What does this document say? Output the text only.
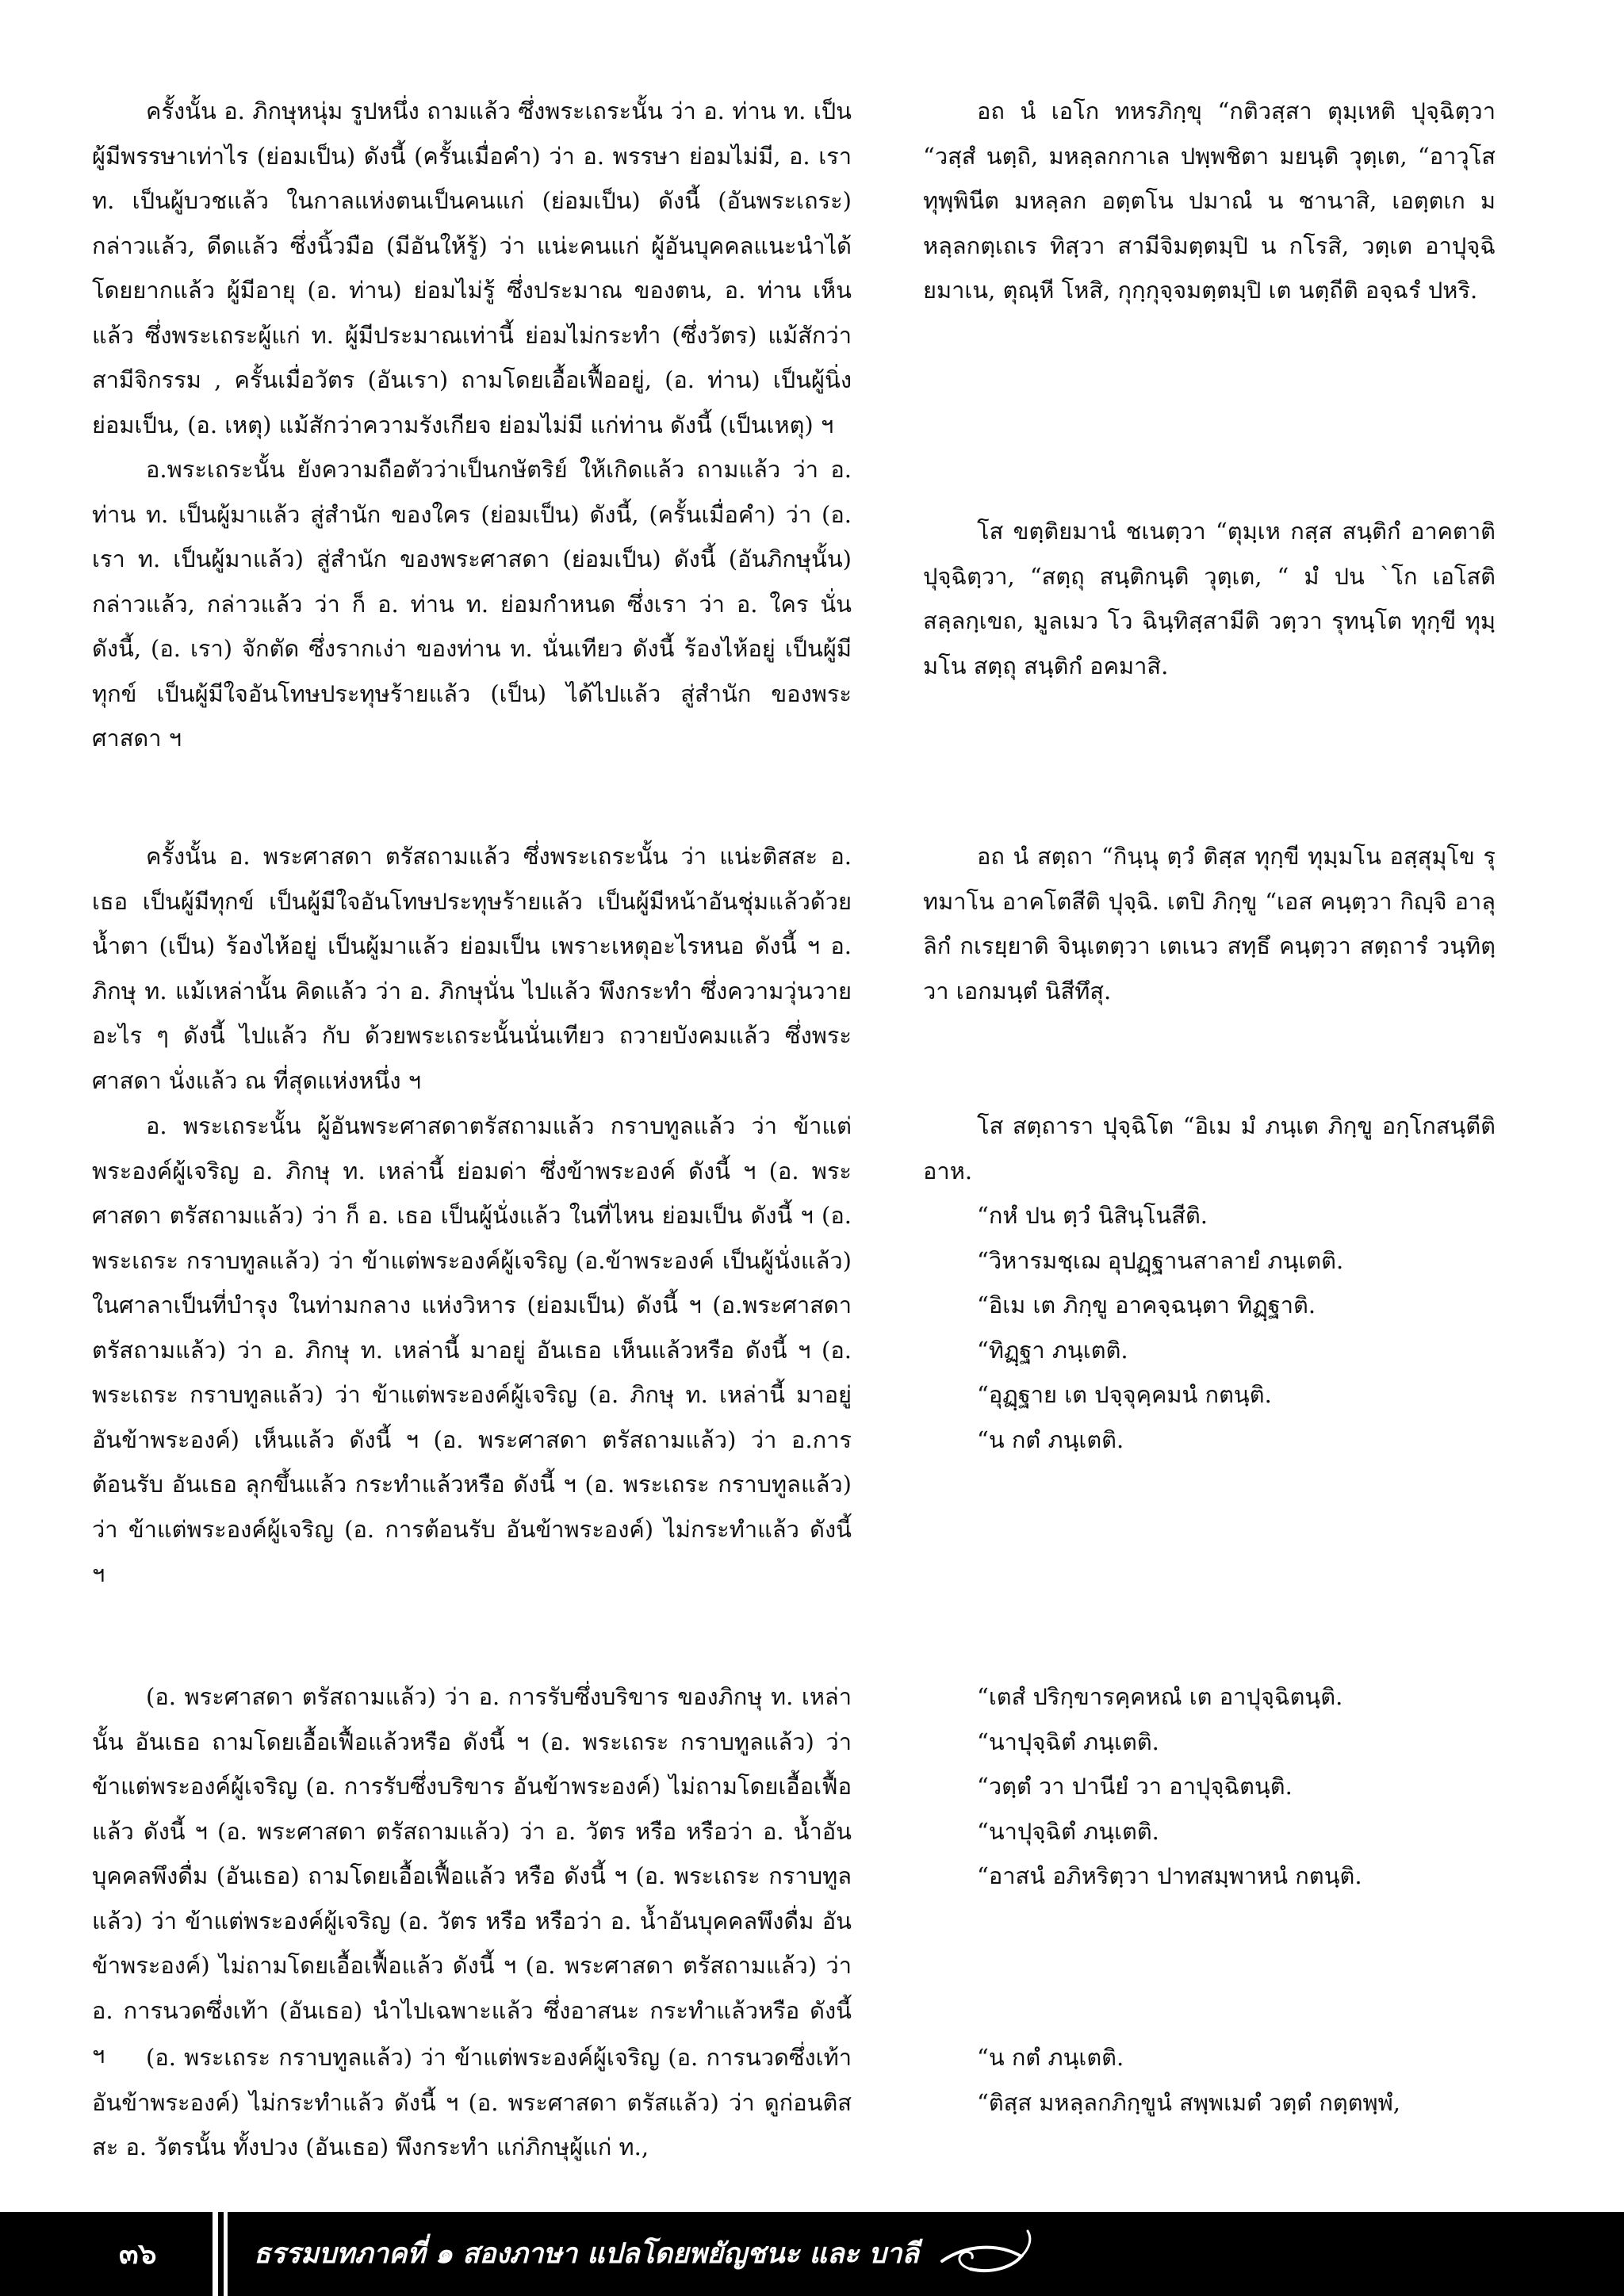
ครั้งนั้น อ. ภิกษุหนุ่ม รูปหนึ่ง ถามแล้ว ซึ่งพระเถระนั้น ว่า อ. ท่าน ท. เป็นผู้มีพรรษาเท่าไร (ย่อมเป็น) ดังนี้ (ครั้นเมื่อคำ) ว่า อ. พรรษา ย่อมไม่มี, อ. เรา ท. เป็นผู้บวชแล้ว ในกาลแห่งตนเป็นคนแก่ (ย่อมเป็น) ดังนี้ (อันพระเถระ) กล่าวแล้ว, ดีดแล้ว ซึ่งนิ้วมือ (มีอันให้รู้) ว่า แน่ะคนแก่ ผู้อันบุคคลแนะนำได้โดยยากแล้ว ผู้มีอายุ (อ. ท่าน) ย่อมไม่รู้ ซึ่งประมาณ ของตน, อ. ท่าน เห็นแล้ว ซึ่งพระเถระผู้แก่ ท. ผู้มีประมาณเท่านี้ ย่อมไม่กระทำ (ซึ่งวัตร) แม้สักว่าสามีจิกรรม , ครั้นเมื่อวัตร (อันเรา) ถามโดยเอื้อเฟื้ออยู่, (อ. ท่าน) เป็นผู้นิ่ง ย่อมเป็น, (อ. เหตุ) แม้สักว่าความรังเกียจ ย่อมไม่มี แก่ท่าน ดังนี้ (เป็นเหตุ) ฯ

อ.พระเถระนั้น ยังความถือตัวว่าเป็นกษัตริย์ ให้เกิดแล้ว ถามแล้ว ว่า อ. ท่าน ท. เป็นผู้มาแล้ว สู่สำนัก ของใคร (ย่อมเป็น) ดังนี้, (ครั้นเมื่อคำ) ว่า (อ. เรา ท. เป็นผู้มาแล้ว) สู่สำนัก ของพระศาสดา (ย่อมเป็น) ดังนี้ (อันภิกษุนั้น) กล่าวแล้ว, กล่าวแล้ว ว่า ก็ อ. ท่าน ท. ย่อมกำหนด ซึ่งเรา ว่า อ. ใคร นั่น ดังนี้, (อ. เรา) จักตัด ซึ่งรากเง่า ของท่าน ท. นั่นเทียว ดังนี้ ร้องไห้อยู่ เป็นผู้มีทุกข์ เป็นผู้มีใจอันโทษประทุษร้ายแล้ว (เป็น) ได้ไปแล้ว สู่สำนัก ของพระศาสดา ฯ

ครั้งนั้น อ. พระศาสดา ตรัสถามแล้ว ซึ่งพระเถระนั้น ว่า แน่ะติสสะ อ. เธอ เป็นผู้มีทุกข์ เป็นผู้มีใจอันโทษประทุษร้ายแล้ว เป็นผู้มีหน้าอันชุ่มแล้วด้วยน้ำตา (เป็น) ร้องไห้อยู่ เป็นผู้มาแล้ว ย่อมเป็น เพราะเหตุอะไรหนอ ดังนี้ ฯ อ. ภิกษุ ท. แม้เหล่านั้น คิดแล้ว ว่า อ. ภิกษุนั่น ไปแล้ว พึงกระทำ ซึ่งความวุ่นวาย อะไร ๆ ดังนี้ ไปแล้ว กับ ด้วยพระเถระนั้นนั่นเทียว ถวายบังคมแล้ว ซึ่งพระศาสดา นั่งแล้ว ณ ที่สุดแห่งหนึ่ง ฯ

อ. พระเถระนั้น ผู้อันพระศาสดาตรัสถามแล้ว กราบทูลแล้ว ว่า ข้าแต่พระองค์ผู้เจริญ อ. ภิกษุ ท. เหล่านี้ ย่อมด่า ซึ่งข้าพระองค์ ดังนี้ ฯ (อ. พระศาสดา ตรัสถามแล้ว) ว่า ก็ อ. เธอ เป็นผู้นั่งแล้ว ในที่ไหน ย่อมเป็น ดังนี้ ฯ (อ. พระเถระ กราบทูลแล้ว) ว่า ข้าแต่พระองค์ผู้เจริญ (อ.ข้าพระองค์ เป็นผู้นั่งแล้ว) ในศาลาเป็นที่บำรุง ในท่ามกลาง แห่งวิหาร (ย่อมเป็น) ดังนี้ ฯ (อ.พระศาสดา ตรัสถามแล้ว) ว่า อ. ภิกษุ ท. เหล่านี้ มาอยู่ อันเธอ เห็นแล้วหรือ ดังนี้ ฯ (อ. พระเถระ กราบทูลแล้ว) ว่า ข้าแต่พระองค์ผู้เจริญ (อ. ภิกษุ ท. เหล่านี้ มาอยู่ อันข้าพระองค์) เห็นแล้ว ดังนี้ ฯ (อ. พระศาสดา ตรัสถามแล้ว) ว่า อ.การต้อนรับ อันเธอ ลุกขึ้นแล้ว กระทำแล้วหรือ ดังนี้ ฯ (อ. พระเถระ กราบทูลแล้ว) ว่า ข้าแต่พระองค์ผู้เจริญ (อ. การต้อนรับ อันข้าพระองค์) ไม่กระทำแล้ว ดังนี้ ฯ

(อ. พระศาสดา ตรัสถามแล้ว) ว่า อ. การรับซึ่งบริขาร ของภิกษุ ท. เหล่านั้น อันเธอ ถามโดยเอื้อเฟื้อแล้วหรือ ดังนี้ ฯ (อ. พระเถระ กราบทูลแล้ว) ว่า ข้าแต่พระองค์ผู้เจริญ (อ. การรับซึ่งบริขาร อันข้าพระองค์) ไม่ถามโดยเอื้อเฟื้อแล้ว ดังนี้ ฯ (อ. พระศาสดา ตรัสถามแล้ว) ว่า อ. วัตร หรือ หรือว่า อ. น้ำอันบุคคลพึงดื่ม (อันเธอ) ถามโดยเอื้อเฟื้อแล้ว หรือ ดังนี้ ฯ (อ. พระเถระ กราบทูลแล้ว) ว่า ข้าแต่พระองค์ผู้เจริญ (อ. วัตร หรือ หรือว่า อ. น้ำอันบุคคลพึงดื่ม อันข้าพระองค์) ไม่ถามโดยเอื้อเฟื้อแล้ว ดังนี้ ฯ (อ. พระศาสดา ตรัสถามแล้ว) ว่า อ. การนวดซึ่งเท้า (อันเธอ) นำไปเฉพาะแล้ว ซึ่งอาสนะ กระทำแล้วหรือ ดังนี้ ฯ	(อ. พระเถระ กราบทูลแล้ว) ว่า ข้าแต่พระองค์ผู้เจริญ (อ. การนวดซึ่งเท้า อันข้าพระองค์) ไม่กระทำแล้ว ดังนี้ ฯ (อ. พระศาสดา ตรัสแล้ว) ว่า ดูก่อนติสสะ อ. วัตรนั้น ทั้งปวง (อันเธอ) พึงกระทำ แก่ภิกษุผู้แก่ ท.,

อถ นํ เอโก ทหรภิกฺขุ “กติวสฺสา ตุมฺเหติ ปุจฺฉิตฺวา “วสฺสํ นตฺถิ, มหลฺลกกาเล ปพฺพชิตา มยนฺติ วุตฺเต, “อาวุโส ทุพฺพินีต มหลฺลก อตฺตโน ปมาณํ น ชานาสิ, เอตฺตเก มหลฺลกตฺเถเร ทิสฺวา สามีจิมตฺตมฺปิ น กโรสิ, วตฺเต อาปุจฺฉิยมาเน, ตุณฺหี โหสิ, กุกฺกุจฺจมตฺตมฺปิ เต นตฺถีติ อจฺฉรํ ปหริ.

โส ขตฺติยมานํ ชเนตฺวา “ตุมฺเห กสฺส สนฺติกํ อาคตาติ ปุจฺฉิตฺวา, “สตฺถุ สนฺติกนฺติ วุตฺเต, “ มํ ปน `โก เอโสติ สลฺลกฺเขถ, มูลเมว โว ฉินฺทิสฺสามีติ วตฺวา รุทนฺโต ทุกฺขี ทุมฺมโน สตฺถุ สนฺติกํ อคมาสิ.

อถ นํ สตฺถา “กินฺนุ ตฺวํ ติสฺส ทุกฺขี ทุมฺมโน อสฺสุมุโข รุทมาโน อาคโตสีติ ปุจฺฉิ. เตปิ ภิกฺขู “เอส คนฺตฺวา กิญฺจิ อาลุลิกํ กเรยฺยาติ จินฺเตตฺวา เตเนว สทฺธึ คนฺตฺวา สตฺถารํ วนฺทิตฺวา เอกมนฺตํ นิสีทึสุ.

โส สตฺถารา ปุจฺฉิโต “อิเม มํ ภนฺเต ภิกฺขู อกฺโกสนฺตีติ อาห.

“กหํ ปน ตฺวํ นิสินฺโนสีติ.

“วิหารมชฺเฌ อุปฏฺฐานสาลายํ ภนฺเตติ.

“อิเม เต ภิกฺขู อาคจฺฉนฺตา ทิฏฺฐาติ.

“ทิฏฺฐา ภนฺเตติ.

“อุฏฺฐาย เต ปจฺจุคฺคมนํ กตนฺติ.

“น กตํ ภนฺเตติ.

“เตสํ ปริกฺขารคฺคหณํ เต อาปุจฺฉิตนฺติ.

“นาปุจฺฉิตํ ภนฺเตติ.

“วตฺตํ วา ปานียํ วา อาปุจฺฉิตนฺติ.

“นาปุจฺฉิตํ ภนฺเตติ.

“อาสนํ อภิหริตฺวา ปาทสมฺพาหนํ กตนฺติ.

“น กตํ ภนฺเตติ.

“ติสฺส มหลฺลกภิกฺขูนํ สพฺพเมตํ วตฺตํ กตฺตพฺพํ,

๓๖	ธรรมบทภาคที่ ๑ สองภาษา แปลโดยพยัญชนะ และ บาลี
